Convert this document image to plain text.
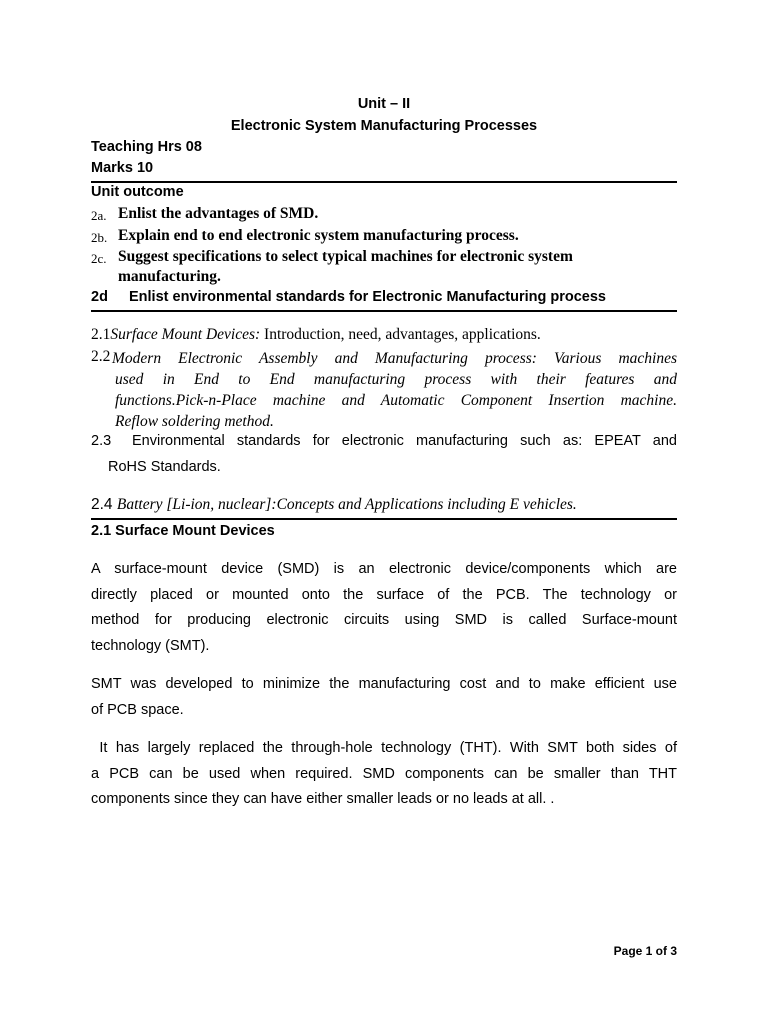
Unit – II
Electronic System Manufacturing Processes
Teaching Hrs 08
Marks 10
Unit outcome
2a. Enlist the advantages of SMD.
2b. Explain end to end electronic system manufacturing process.
2c. Suggest specifications to select typical machines for electronic system
manufacturing.
2d Enlist environmental standards for Electronic Manufacturing process
2.1Surface Mount Devices: Introduction, need, advantages, applications.
2.2 Modern Electronic Assembly and Manufacturing process: Various machines
used in End to End manufacturing process with their features and
functions.Pick-n-Place machine and Automatic Component Insertion machine.
Reflow soldering method.
2.3 Environmental standards for electronic manufacturing such as: EPEAT and
RoHS Standards.
2.4 Battery [Li-ion, nuclear]:Concepts and Applications including E vehicles.
2.1 Surface Mount Devices
A surface-mount device (SMD) is an electronic device/components which are
directly placed or mounted onto the surface of the PCB. The technology or
method for producing electronic circuits using SMD is called Surface-mount
technology (SMT).
SMT was developed to minimize the manufacturing cost and to make efficient use
of PCB space.
It has largely replaced the through-hole technology (THT). With SMT both sides of
a PCB can be used when required. SMD components can be smaller than THT
components since they can have either smaller leads or no leads at all. .
Page 1 of 3
